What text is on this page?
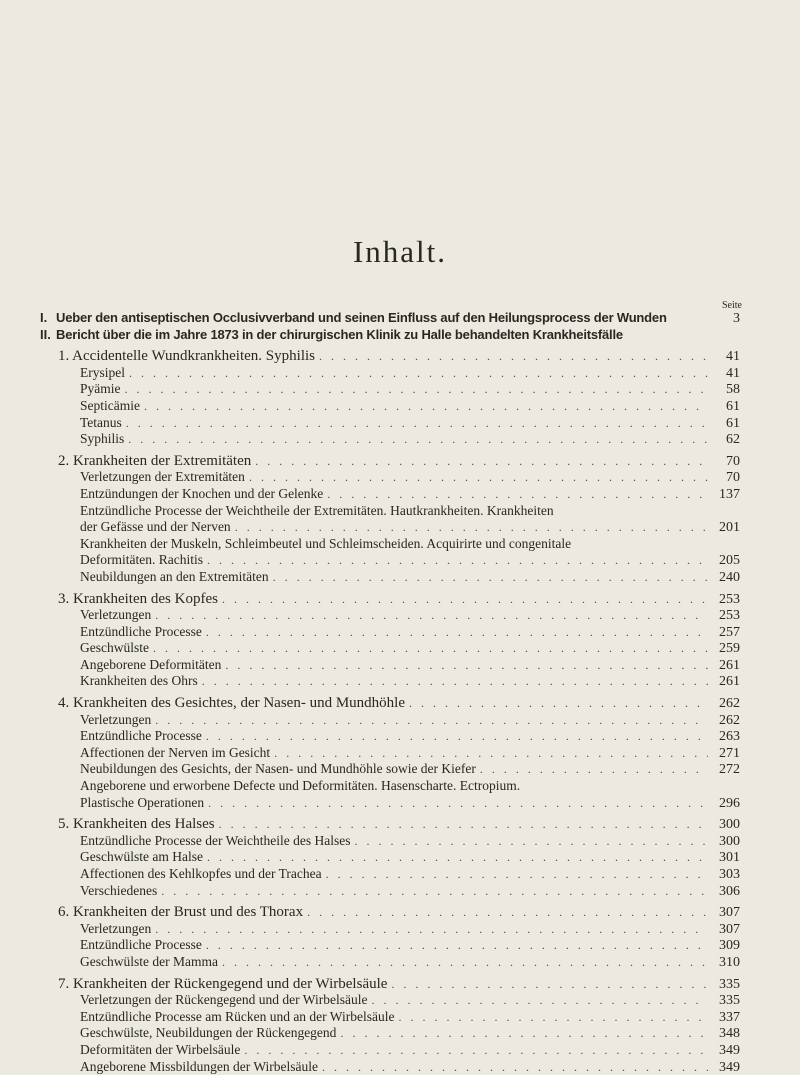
Inhalt.
Seite
I. Ueber den antiseptischen Occlusivverband und seinen Einfluss auf den Heilungsprocess der Wunden	3
II. Bericht über die im Jahre 1873 in der chirurgischen Klinik zu Halle behandelten Krankheitsfälle
1. Accidentelle Wundkrankheiten. Syphilis . . .	41
Erysipel . . .	41
Pyämie . . .	58
Septicämie . . .	61
Tetanus . . .	61
Syphilis . . .	62
2. Krankheiten der Extremitäten . . .	70
Verletzungen der Extremitäten . . .	70
Entzündungen der Knochen und der Gelenke . . .	137
Entzündliche Processe der Weichtheile der Extremitäten. Hautkrankheiten. Krankheiten
der Gefässe und der Nerven . . .	201
Krankheiten der Muskeln, Schleimbeutel und Schleimscheiden. Acquirirte und congenitale
Deformitäten. Rachitis . . .	205
Neubildungen an den Extremitäten . . .	240
3. Krankheiten des Kopfes . . .	253
Verletzungen . . .	253
Entzündliche Processe . . .	257
Geschwülste . . .	259
Angeborene Deformitäten . . .	261
Krankheiten des Ohrs . . .	261
4. Krankheiten des Gesichtes, der Nasen- und Mundhöhle . . .	262
Verletzungen . . .	262
Entzündliche Processe . . .	263
Affectionen der Nerven im Gesicht . . .	271
Neubildungen des Gesichts, der Nasen- und Mundhöhle sowie der Kiefer . . .	272
Angeborene und erworbene Defecte und Deformitäten. Hasenscharte. Ectropium.
Plastische Operationen . . .	296
5. Krankheiten des Halses . . .	300
Entzündliche Processe der Weichtheile des Halses . . .	300
Geschwülste am Halse . . .	301
Affectionen des Kehlkopfes und der Trachea . . .	303
Verschiedenes . . .	306
6. Krankheiten der Brust und des Thorax . . .	307
Verletzungen . . .	307
Entzündliche Processe . . .	309
Geschwülste der Mamma . . .	310
7. Krankheiten der Rückengegend und der Wirbelsäule . . .	335
Verletzungen der Rückengegend und der Wirbelsäule . . .	335
Entzündliche Processe am Rücken und an der Wirbelsäule . . .	337
Geschwülste, Neubildungen der Rückengegend . . .	348
Deformitäten der Wirbelsäule . . .	349
Angeborene Missbildungen der Wirbelsäule . . .	349
